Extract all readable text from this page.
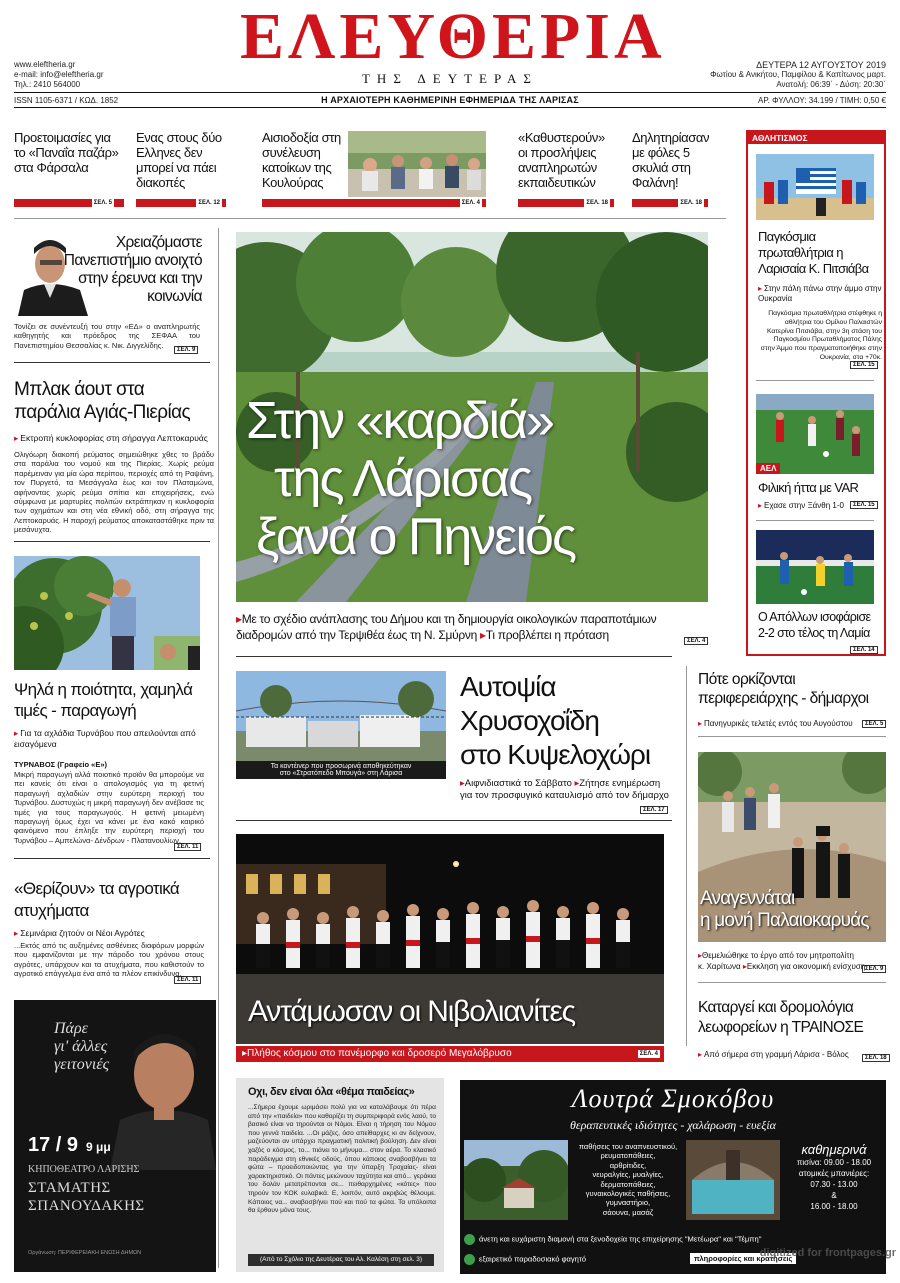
www.eleftheria.gr
e-mail: info@eleftheria.gr
Τηλ.: 2410 564000
ISSN 1105-6371 / ΚΩΔ. 1852
ΕΛΕΥΘΕΡΙΑ
ΤΗΣ ΔΕΥΤΕΡΑΣ
ΔΕΥΤΕΡΑ 12 ΑΥΓΟΥΣΤΟΥ 2019
Φωτίου & Ανικήτου, Παμφίλου & Καπίτωνος μαρτ.
Ανατολή: 06:39΄ - Δύση: 20:30΄
Η ΑΡΧΑΙΟΤΕΡΗ ΚΑΘΗΜΕΡΙΝΗ ΕΦΗΜΕΡΙΔΑ ΤΗΣ ΛΑΡΙΣΑΣ	ΑΡ. ΦΥΛΛΟΥ: 34.199 / ΤΙΜΗ: 0,50 €
Προετοιμασίες για το «Παναΐα παζάρ» στα Φάρσαλα
ΣΕΛ. 5
Ενας στους δύο Ελληνες δεν μπορεί να πάει διακοπές
ΣΕΛ. 12
Αισιοδοξία στη συνέλευση κατοίκων της Κουλούρας
ΣΕΛ. 4
«Καθυστερούν» οι προσλήψεις αναπληρωτών εκπαιδευτικών
ΣΕΛ. 18
Δηλητηρίασαν με φόλες 5 σκυλιά στη Φαλάνη!
ΣΕΛ. 18
Χρειαζόμαστε Πανεπιστήμιο ανοιχτό στην έρευνα και την κοινωνία
Τονίζει σε συνέντευξή του στην «ΕΔ» ο αναπληρωτής καθηγητής και πρόεδρος της ΣΕΦΑΑ του Πανεπιστημίου Θεσσαλίας κ. Νικ. Διγγελίδης.
ΣΕΛ. 9
Μπλακ άουτ στα παράλια Αγιάς-Πιερίας
▸ Εκτροπή κυκλοφορίας στη σήραγγα Λεπτοκαρυάς
Ολιγόωρη διακοπή ρεύματος σημειώθηκε χθες το βράδυ στα παράλια του νομού και της Πιερίας. Χωρίς ρεύμα παρέμειναν για μία ώρα περίπου, περιοχές από τη Ραψάνη, τον Πυργετό, τα Μεσάγγαλα έως και τον Πλαταμώνα, αφήνοντας χωρίς ρεύμα σπίτια και επιχειρήσεις, ενώ σύμφωνα με μαρτυρίες πολιτών εκτράπηκαν η κυκλοφορία των οχημάτων και στη νέα εθνική οδό, στη σήραγγα της Λεπτοκαρυάς. Η παροχή ρεύματος αποκαταστάθηκε πριν τα μεσάνυχτα.
Ψηλά η ποιότητα, χαμηλά τιμές - παραγωγή
▸ Για τα αχλάδια Τυρνάβου που απειλούνται από εισαγόμενα
ΤΥΡΝΑΒΟΣ (Γραφείο «Ε»)
Μικρή παραγωγή αλλά ποιοτικό προϊόν θα μπορούμε να πει κανείς ότι είναι ο απολογισμός για τη φετινή παραγωγή αχλαδιών στην ευρύτερη περιοχή του Τυρνάβου. Δυστυχώς η μικρή παραγωγή δεν ανέβασε τις τιμές για τους παραγωγούς. Η φετινή μειωμένη παραγωγή όμως έχει να κάνει με ένα κακό καιρικό φαινόμενο που έπληξε την ευρύτερη περιοχή του Τυρνάβου – Αμπελώνα- Δένδρων - Πλατανουλίων.
ΣΕΛ. 11
«Θερίζουν» τα αγροτικά ατυχήματα
▸ Σεμινάρια ζητούν οι Νέοι Αγρότες
...Εκτός από τις αυξημένες ασθένειες διαφόρων μορφών που εμφανίζονται με την πάροδο του χρόνου στους αγρότες, υπάρχουν και τα ατυχήματα, που καθιστούν το αγροτικό επάγγελμα ένα από τα πλέον επικίνδυνα.
ΣΕΛ. 11
Πάρε
γι' άλλες
γειτονιές
17 / 9 9 μμ
ΚΗΠΟΘΕΑΤΡΟ ΛΑΡΙΣΗΣ
ΣΤΑΜΑΤΗΣ
ΣΠΑΝΟΥΔΑΚΗΣ
Οργάνωση: ΠΕΡΙΦΕΡΕΙΑΚΗ ΕΝΩΣΗ ΔΗΜΩΝ
Στην «καρδιά»
της Λάρισας
ξανά ο Πηνειός
▸Με το σχέδιο ανάπλασης του Δήμου και τη δημιουργία οικολογικών παραποτάμιων
διαδρομών από την Τερψιθέα έως τη Ν. Σμύρνη ▸Τι προβλέπει η πρόταση	ΣΕΛ. 4
Τα κοντέινερ που προσωρινά αποθηκεύτηκαν
στο «Στρατόπεδο Μπουγά» στη Λάρισα
Αυτοψία
Χρυσοχοΐδη
στο Κυψελοχώρι
▸Αιφνιδιαστικά το Σάββατο ▸Ζήτησε ενημέρωση
για τον προσφυγικό καταυλισμό από τον δήμαρχο
ΣΕΛ. 17
Αντάμωσαν οι Νιβολιανίτες
▸Πλήθος κόσμου στο πανέμορφο και δροσερό Μεγαλόβρυσο	ΣΕΛ. 4
Οχι, δεν είναι όλα «θέμα παιδείας»
...Σήμερα έχουμε ωριμάσει πολύ για να καταλάβουμε ότι πέρα από την «παιδεία» που καθορίζει τη συμπεριφορά ενός λαού, το βασικό είναι να τηρούνται οι Νόμοι. Είναι η τήρηση του Νόμου που γεννά παιδεία. ...Οι μάζες, όσο απείθαρχες κι αν δείχνουν, μαζεύονται αν υπάρχει πραγματική πολιτική βούληση. Δεν είναι χαζός ο κόσμος, το... πιάνει το μήνυμα... στον αέρα. Το κλασικό παράδειγμα στη εθνικές οδούς, όπου κάποιος σναβοσβήνει τα φώτα – προειδοποιώντας για την ύπαρξη Τροχαίας- είναι χαρακτηριστικό. Οι πάντες μειώνουν ταχύτητα και από... γεράκια του δολάν μετατρέπονται σε... πειθαρχημένες «κότες» που τηρούν τον ΚΟΚ ευλαβικά. Ε, λοιπόν, αυτό ακριβώς θέλουμε. Κάποιος να... αναβοσβήνει πού και πού τα φώτα. Τα υπόλοιπα θα έρθουν μόνα τους.
(Από το Σχόλιο της Δευτέρας του Αλ. Καλέση στη σελ. 3)
Λουτρά Σμοκόβου
θεραπευτικές ιδιότητες - χαλάρωση - ευεξία
παθήσεις του αναπνευστικού,
ρευματοπάθειες,
αρθρίτιδες,
νευραλγίες, μυαλγίες,
δερματοπάθειες,
γυναικολογικές παθήσεις,
γυμναστήριο,
σάουνα, μασάζ
καθημερινά
πισίνα: 09.00 - 18.00
ατομικές μπανιέρες:
07.30 - 13.00
&
16.00 - 18.00
άνετη και ευχάριστη διαμονή στα ξενοδοχεία της επιχείρησης "Μετέωρα" και "Τέμπη"
εξαιρετικό παραδοσιακό φαγητό	πληροφορίες και κρατήσεις
ΑΘΛΗΤΙΣΜΟΣ
Παγκόσμια πρωταθλήτρια η Λαρισαία Κ. Πιτσιάβα
▸ Στην πάλη πάνω στην άμμο στην Ουκρανία
Παγκόσμια πρωταθλήτρια στέφθηκε η αθλήτρια του Ομίλου Παλαιστών Κατερίνα Πιτσιάβα, στην 3η στάση του Παγκοσμίου Πρωταθλήματος Πάλης στην Άμμο που πραγματοποιήθηκε στην Ουκρανία, στα +70κ.
ΣΕΛ. 15
ΑΕΛ
Φιλική ήττα με VAR
▸ Εχασε στην Ξάνθη 1-0	ΣΕΛ. 15
Ο Απόλλων ισοφάρισε 2-2 στο τέλος τη Λαμία
ΣΕΛ. 14
Πότε ορκίζονται περιφερειάρχης - δήμαρχοι
▸ Πανηγυρικές τελετές εντός του Αυγούστου	ΣΕΛ. 5
Αναγεννάται
η μονή Παλαιοκαρυάς
▸Θεμελιώθηκε το έργο από τον μητροπολίτη
κ. Χαρίτωνα ▸Εκκληση για οικονομική ενίσχυση ΣΕΛ. 9
Καταργεί και δρομολόγια λεωφορείων η ΤΡΑΙΝΟΣΕ
▸ Από σήμερα στη γραμμή Λάρισα - Βόλος	ΣΕΛ. 18
digitized for frontpages.gr
